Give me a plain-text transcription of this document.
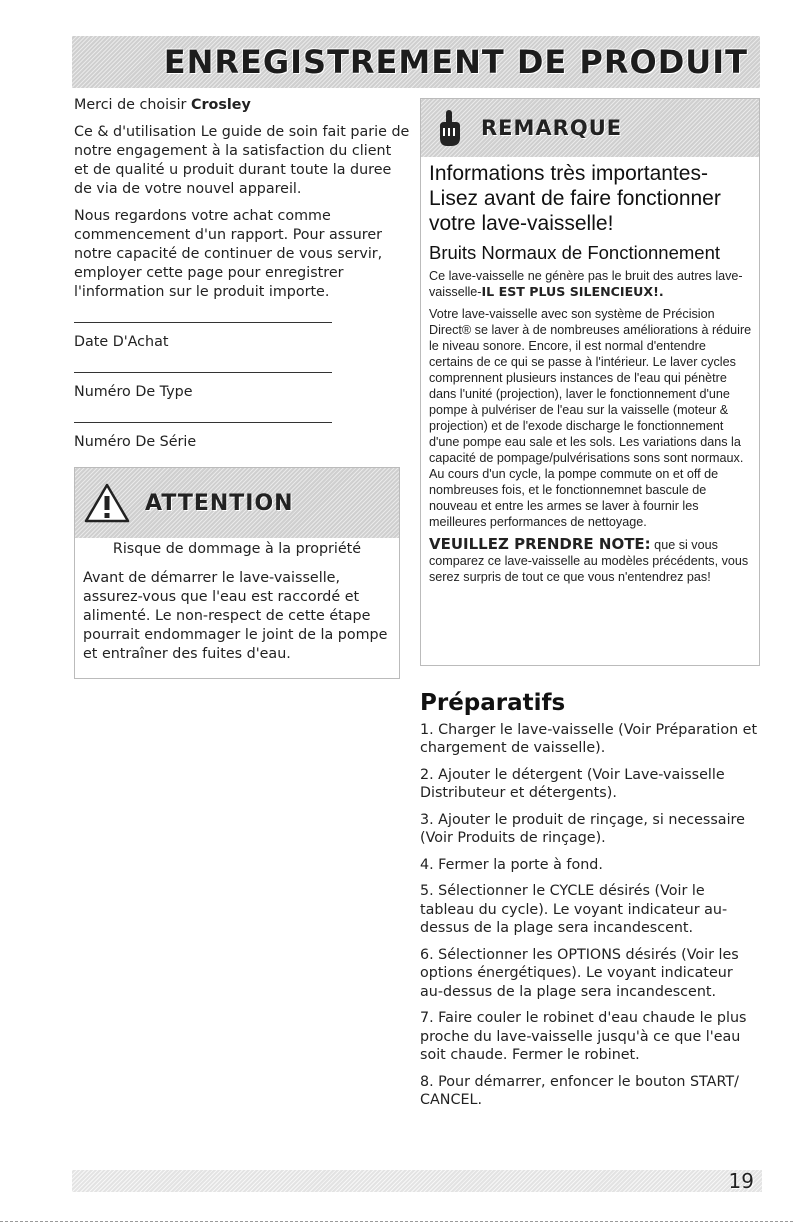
ENREGISTREMENT DE PRODUIT

Merci de choisir Crosley

Ce & d'utilisation Le guide de soin fait parie de notre engagement à la satisfaction du client et de qualité u produit durant toute la duree de via de votre nouvel appareil.

Nous regardons votre achat comme commencement d'un rapport. Pour assurer notre capacité de continuer de vous servir, employer cette page pour enregistrer l'information sur le produit importe.

Date D'Achat
Numéro De Type
Numéro De Série
ATTENTION

Risque de dommage à la propriété

Avant de démarrer le lave-vaisselle, assurez-vous que l'eau est raccordé et alimenté. Le non-respect de cette étape pourrait endommager le joint de la pompe et entraîner des fuites d'eau.

REMARQUE

Informations très importantes-Lisez avant de faire fonctionner votre lave-vaisselle!

Bruits Normaux de Fonctionnement

Ce lave-vaisselle ne génère pas le bruit des autres lave-vaisselle-IL EST PLUS SILENCIEUX!.

Votre lave-vaisselle avec son système de Précision Direct® se laver à de nombreuses améliorations à réduire le niveau sonore. Encore, il est normal d'entendre certains de ce qui se passe à l'intérieur. Le laver cycles comprennent plusieurs instances de l'eau qui pénètre dans l'unité (projection), laver le fonctionnement d'une pompe à pulvériser de l'eau sur la vaisselle (moteur & projection) et de l'exode discharge le fonctionnement d'une pompe eau sale et les sols. Les variations dans la capacité de pompage/pulvérisations sons sont normaux. Au cours d'un cycle, la pompe commute on et off de nombreuses fois, et le fonctionnemnet bascule de nouveau et entre les armes se laver à fournir les meilleures performances de nettoyage.

VEUILLEZ PRENDRE NOTE: que si vous comparez ce lave-vaisselle au modèles précédents, vous serez surpris de tout ce que vous n'entendrez pas!

Préparatifs

1. Charger le lave-vaisselle (Voir Préparation et chargement de vaisselle).

2. Ajouter le détergent (Voir Lave-vaisselle Distributeur et détergents).

3. Ajouter le produit de rinçage, si necessaire (Voir Produits de rinçage).

4. Fermer la porte à fond.

5. Sélectionner le CYCLE désirés (Voir le tableau du cycle). Le voyant indicateur au-dessus de la plage sera incandescent.

6. Sélectionner les OPTIONS désirés (Voir les options énergétiques). Le voyant indicateur au-dessus de la plage sera incandescent.

7. Faire couler le robinet d'eau chaude le plus proche du lave-vaisselle jusqu'à ce que l'eau soit chaude. Fermer le robinet.

8. Pour démarrer, enfoncer le bouton START/ CANCEL.

19
